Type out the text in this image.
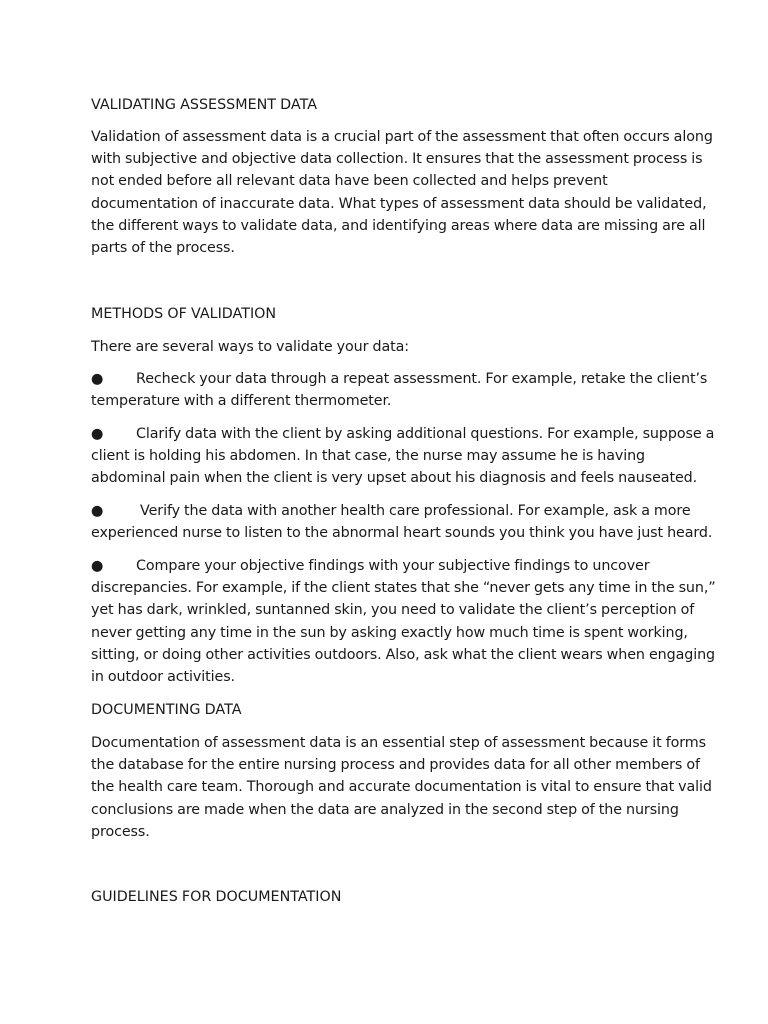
VALIDATING ASSESSMENT DATA

Validation of assessment data is a crucial part of the assessment that often occurs along
with subjective and objective data collection. It ensures that the assessment process is
not ended before all relevant data have been collected and helps prevent
documentation of inaccurate data. What types of assessment data should be validated,
the different ways to validate data, and identifying areas where data are missing are all
parts of the process.

METHODS OF VALIDATION

There are several ways to validate your data:

●	Recheck your data through a repeat assessment. For example, retake the client’s
temperature with a different thermometer.
●	Clarify data with the client by asking additional questions. For example, suppose a
client is holding his abdomen. In that case, the nurse may assume he is having
abdominal pain when the client is very upset about his diagnosis and feels nauseated.
●	Verify the data with another health care professional. For example, ask a more
experienced nurse to listen to the abnormal heart sounds you think you have just heard.
●	Compare your objective findings with your subjective findings to uncover
discrepancies. For example, if the client states that she “never gets any time in the sun,”
yet has dark, wrinkled, suntanned skin, you need to validate the client’s perception of
never getting any time in the sun by asking exactly how much time is spent working,
sitting, or doing other activities outdoors. Also, ask what the client wears when engaging
in outdoor activities.
DOCUMENTING DATA

Documentation of assessment data is an essential step of assessment because it forms
the database for the entire nursing process and provides data for all other members of
the health care team. Thorough and accurate documentation is vital to ensure that valid
conclusions are made when the data are analyzed in the second step of the nursing
process.

GUIDELINES FOR DOCUMENTATION
